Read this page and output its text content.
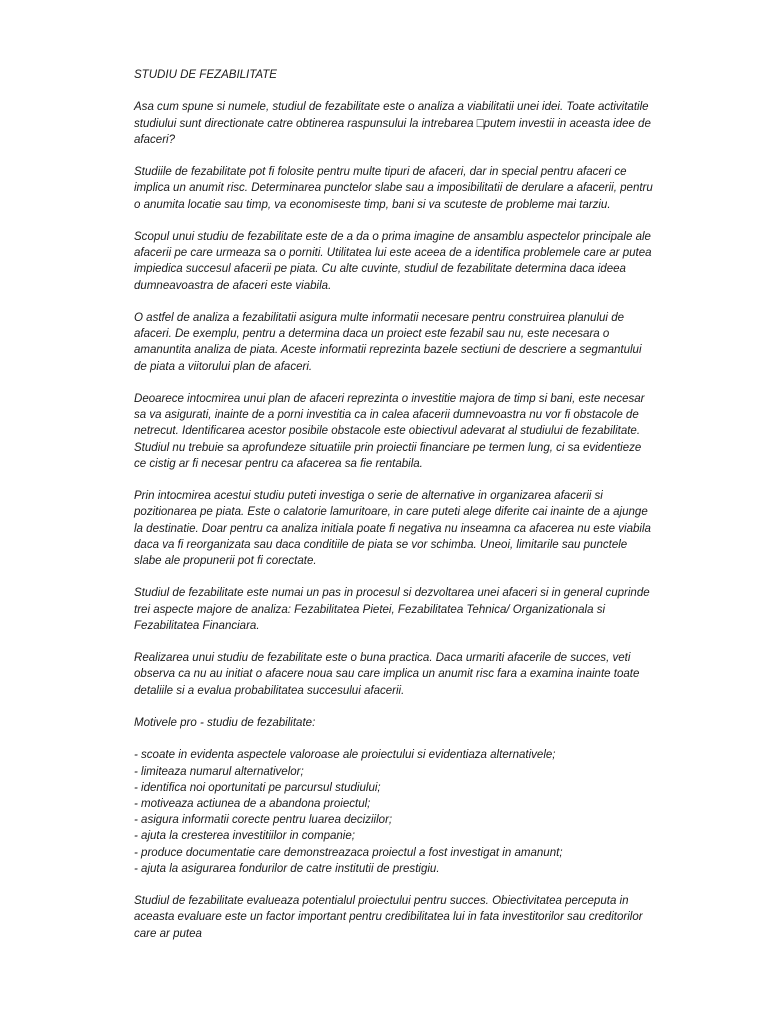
STUDIU DE FEZABILITATE

Asa cum spune si numele, studiul de fezabilitate este o analiza a viabilitatii unei idei. Toate activitatile studiului sunt directionate catre obtinerea raspunsului la intrebarea □putem investii in aceasta idee de afaceri?

Studiile de fezabilitate pot fi folosite pentru multe tipuri de afaceri, dar in special pentru afaceri ce implica un anumit risc. Determinarea punctelor slabe sau a imposibilitatii de derulare a afacerii, pentru o anumita locatie sau timp, va economiseste timp, bani si va scuteste de probleme mai tarziu.

Scopul unui studiu de fezabilitate este de a da o prima imagine de ansamblu aspectelor principale ale afacerii pe care urmeaza sa o porniti. Utilitatea lui este aceea de a identifica problemele care ar putea impiedica succesul afacerii pe piata. Cu alte cuvinte, studiul de fezabilitate determina daca ideea dumneavoastra de afaceri este viabila.

O astfel de analiza a fezabilitatii asigura multe informatii necesare pentru construirea planului de afaceri. De exemplu, pentru a determina daca un proiect este fezabil sau nu, este necesara o amanuntita analiza de piata. Aceste informatii reprezinta bazele sectiuni de descriere a segmantului de piata a viitorului plan de afaceri.

Deoarece intocmirea unui plan de afaceri reprezinta o investitie majora de timp si bani, este necesar sa va asigurati, inainte de a porni investitia ca in calea afacerii dumnevoastra nu vor fi obstacole de netrecut. Identificarea acestor posibile obstacole este obiectivul adevarat al studiului de fezabilitate. Studiul nu trebuie sa aprofundeze situatiile prin proiectii financiare pe termen lung, ci sa evidentieze ce cistig ar fi necesar pentru ca afacerea sa fie rentabila.

Prin intocmirea acestui studiu puteti investiga o serie de alternative in organizarea afacerii si pozitionarea pe piata. Este o calatorie lamuritoare, in care puteti alege diferite cai inainte de a ajunge la destinatie. Doar pentru ca analiza initiala poate fi negativa nu inseamna ca afacerea nu este viabila daca va fi reorganizata sau daca conditiile de piata se vor schimba. Uneoi, limitarile sau punctele slabe ale propunerii pot fi corectate.

Studiul de fezabilitate este numai un pas in procesul si dezvoltarea unei afaceri si in general cuprinde trei aspecte majore de analiza: Fezabilitatea Pietei, Fezabilitatea Tehnica/ Organizationala si Fezabilitatea Financiara.

Realizarea unui studiu de fezabilitate este o buna practica. Daca urmariti afacerile de succes, veti observa ca nu au initiat o afacere noua sau care implica un anumit risc fara a examina inainte toate detaliile si a evalua probabilitatea succesului afacerii.

Motivele pro - studiu de fezabilitate:

- scoate in evidenta aspectele valoroase ale proiectului si evidentiaza alternativele;
- limiteaza numarul alternativelor;
- identifica noi oportunitati pe parcursul studiului;
- motiveaza actiunea de a abandona proiectul;
- asigura informatii corecte pentru luarea deciziilor;
- ajuta la cresterea investitiilor in companie;
- produce documentatie care demonstreazaca proiectul a fost investigat in amanunt;
- ajuta la asigurarea fondurilor de catre institutii de prestigiu.

Studiul de fezabilitate evalueaza potentialul proiectului pentru succes. Obiectivitatea perceputa in aceasta evaluare este un factor important pentru credibilitatea lui in fata investitorilor sau creditorilor care ar putea
